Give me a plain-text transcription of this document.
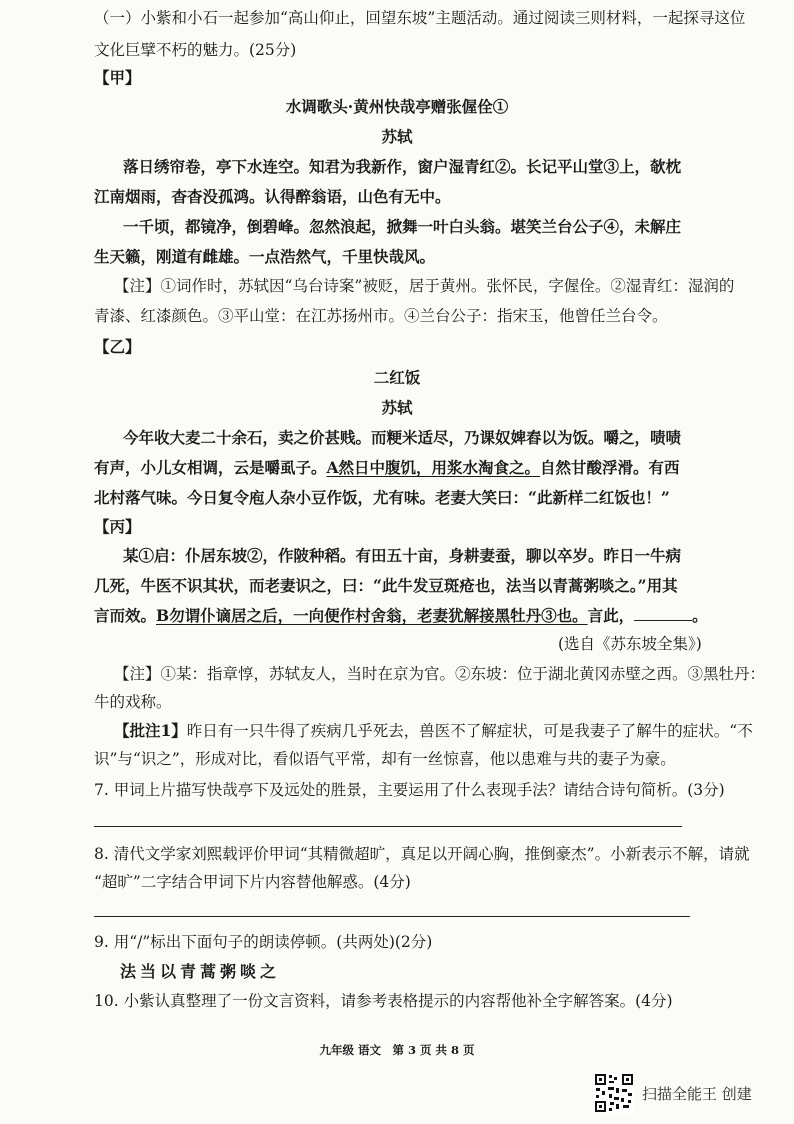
（一）小紫和小石一起参加“高山仰止，回望东坡”主题活动。通过阅读三则材料，一起探寻这位
文化巨擘不朽的魅力。(25分)
【甲】
水调歌头·黄州快哉亭赠张偓佺①
苏轼
落日绣帘卷，亭下水连空。知君为我新作，窗户湿青红②。长记平山堂③上，欹枕
江南烟雨，杳杳没孤鸿。认得醉翁语，山色有无中。
一千顷，都镜净，倒碧峰。忽然浪起，掀舞一叶白头翁。堪笑兰台公子④，未解庄
生天籁，刚道有雌雄。一点浩然气，千里快哉风。
【注】①词作时，苏轼因“乌台诗案”被贬，居于黄州。张怀民，字偓佺。②湿青红：湿润的
青漆、红漆颜色。③平山堂：在江苏扬州市。④兰台公子：指宋玉，他曾任兰台令。
【乙】
二红饭
苏轼
今年收大麦二十余石，卖之价甚贱。而粳米适尽，乃课奴婢舂以为饭。嚼之，啧啧
有声，小儿女相调，云是嚼虱子。A然日中腹饥，用浆水淘食之。自然甘酸浮滑。有西
北村落气味。今日复令庖人杂小豆作饭，尤有味。老妻大笑曰：“此新样二红饭也！”
【丙】
某①启：仆居东坡②，作陂种稻。有田五十亩，身耕妻蚕，聊以卒岁。昨日一牛病
几死，牛医不识其状，而老妻识之，曰：“此牛发豆斑疮也，法当以青蒿粥啖之。”用其
言而效。B勿谓仆谪居之后，一向便作村舍翁，老妻犹解接黑牡丹③也。言此，	。
(选自《苏东坡全集》)
【注】①某：指章惇，苏轼友人，当时在京为官。②东坡：位于湖北黄冈赤壁之西。③黑牡丹：
牛的戏称。
【批注1】昨日有一只牛得了疾病几乎死去，兽医不了解症状，可是我妻子了解牛的症状。“不
识”与“识之”，形成对比，看似语气平常，却有一丝惊喜，他以患难与共的妻子为豪。
7. 甲词上片描写快哉亭下及远处的胜景，主要运用了什么表现手法？请结合诗句简析。(3分)
8. 清代文学家刘熙载评价甲词“其精微超旷，真足以开阔心胸，推倒豪杰”。小新表示不解，请就
“超旷”二字结合甲词下片内容替他解惑。(4分)
9. 用“/”标出下面句子的朗读停顿。(共两处)(2分)
法当以青蒿粥啖之
10. 小紫认真整理了一份文言资料，请参考表格提示的内容帮他补全字解答案。(4分)
九年级 语文　第 3 页 共 8 页
扫描全能王 创建
